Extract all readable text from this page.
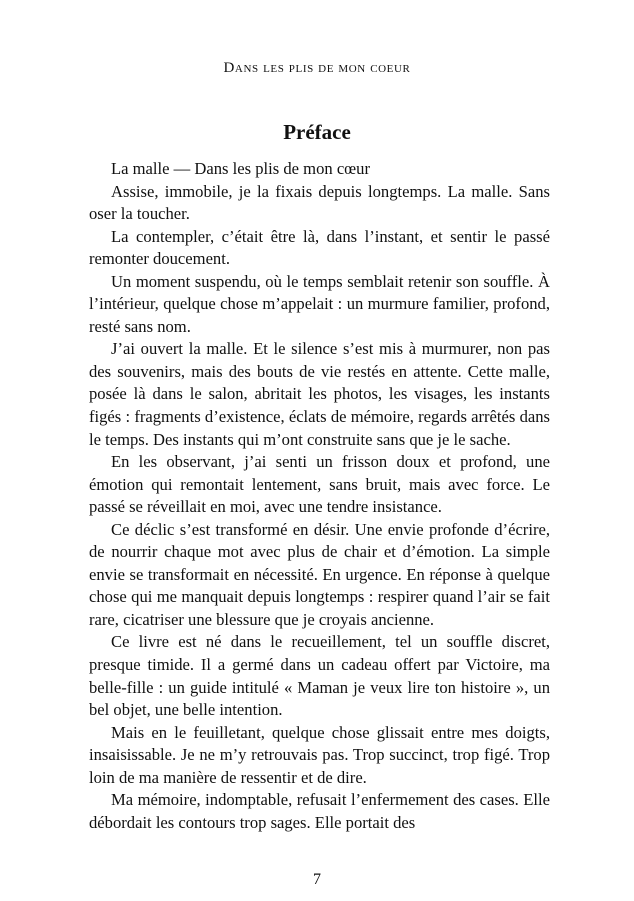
Dans les plis de mon coeur
Préface

La malle — Dans les plis de mon cœur

Assise, immobile, je la fixais depuis longtemps. La malle. Sans oser la toucher.

La contempler, c’était être là, dans l’instant, et sentir le passé remonter doucement.

Un moment suspendu, où le temps semblait retenir son souffle. À l’intérieur, quelque chose m’appelait : un murmure familier, profond, resté sans nom.

J’ai ouvert la malle. Et le silence s’est mis à murmurer, non pas des souvenirs, mais des bouts de vie restés en attente. Cette malle, posée là dans le salon, abritait les photos, les visages, les instants figés : fragments d’existence, éclats de mémoire, regards arrêtés dans le temps. Des instants qui m’ont construite sans que je le sache.

En les observant, j’ai senti un frisson doux et profond, une émotion qui remontait lentement, sans bruit, mais avec force. Le passé se réveillait en moi, avec une tendre insistance.

Ce déclic s’est transformé en désir. Une envie profonde d’écrire, de nourrir chaque mot avec plus de chair et d’émotion. La simple envie se transformait en nécessité. En urgence. En réponse à quelque chose qui me manquait depuis longtemps : respirer quand l’air se fait rare, cicatriser une blessure que je croyais ancienne.

Ce livre est né dans le recueillement, tel un souffle discret, presque timide. Il a germé dans un cadeau offert par Victoire, ma belle-fille : un guide intitulé « Maman je veux lire ton histoire », un bel objet, une belle intention.

Mais en le feuilletant, quelque chose glissait entre mes doigts, insaisissable. Je ne m’y retrouvais pas. Trop succinct, trop figé. Trop loin de ma manière de ressentir et de dire.

Ma mémoire, indomptable, refusait l’enfermement des cases. Elle débordait les contours trop sages. Elle portait des

7
